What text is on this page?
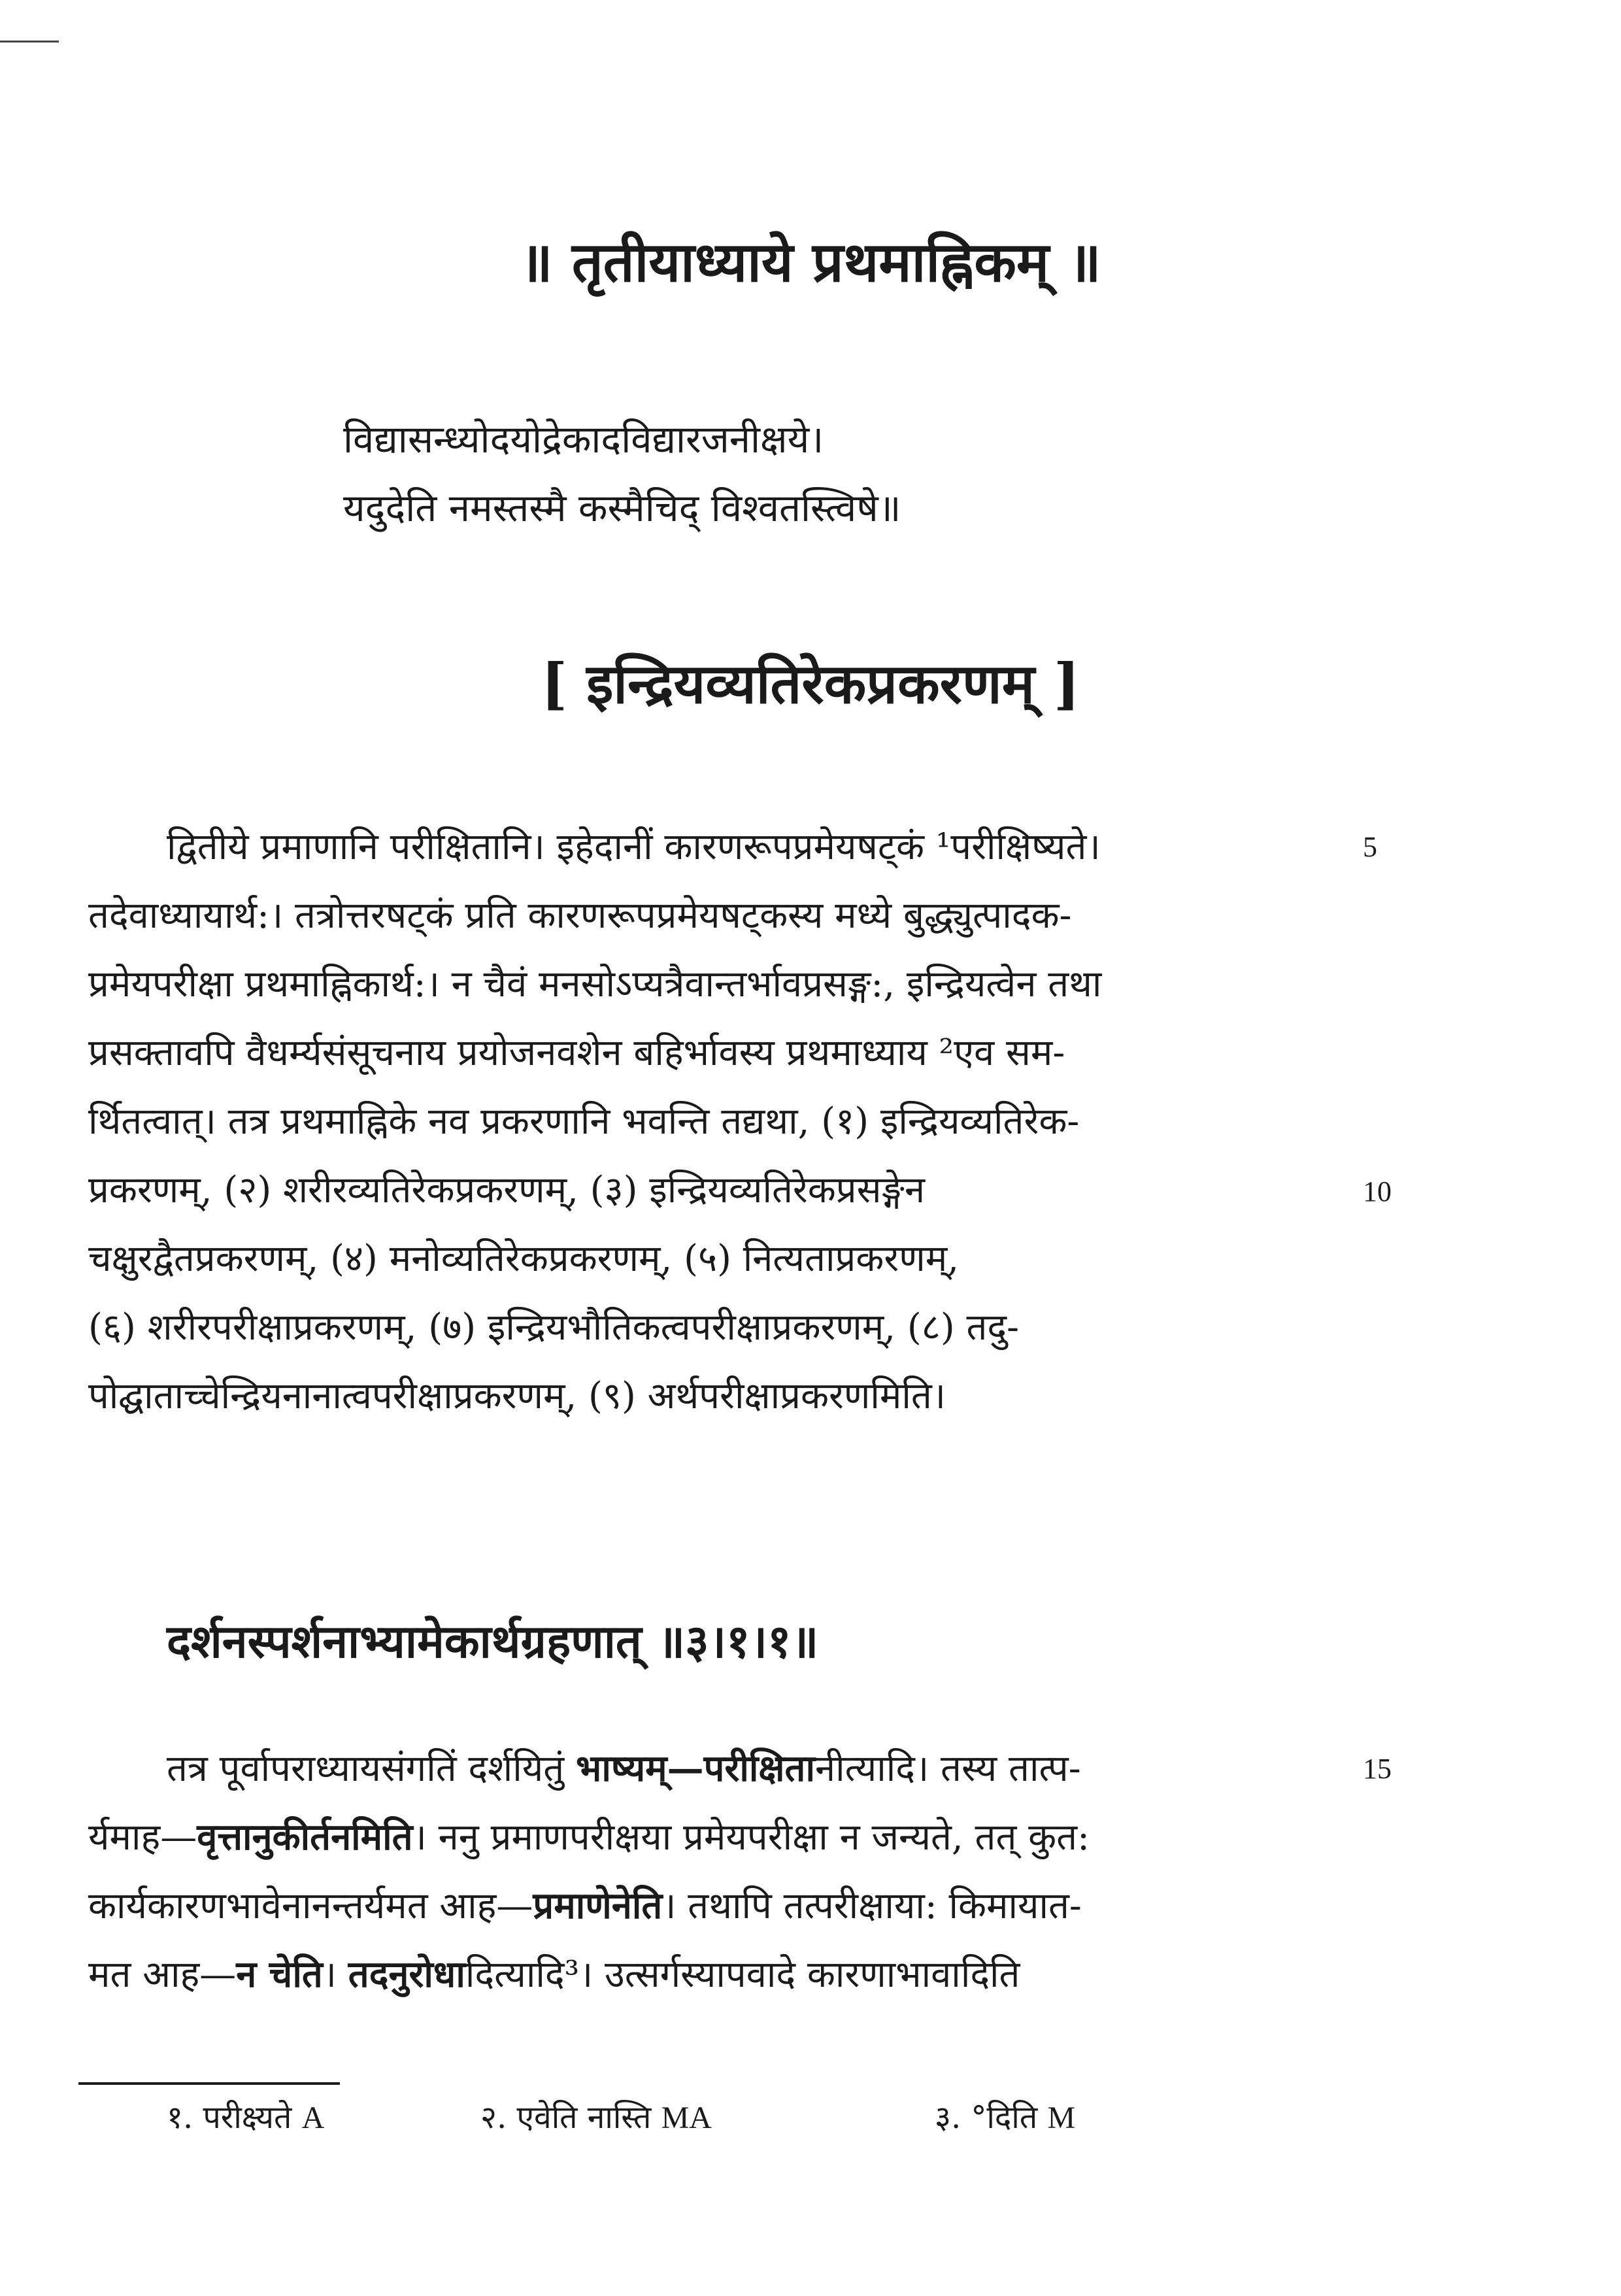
॥ तृतीयाध्याये प्रथमाह्निकम् ॥
विद्यासन्ध्योदयोद्रेकादविद्यारजनीक्षये।
यदुदेति नमस्तस्मै कस्मैचिद् विश्वतस्त्विषे॥
[ इन्द्रियव्यतिरेकप्रकरणम् ]
द्वितीये प्रमाणानि परीक्षितानि। इहेदानीं कारणरूपप्रमेयषट्कं ¹परीक्षिष्यते।	5
तदेवाध्यायार्थ:। तत्रोत्तरषट्कं प्रति कारणरूपप्रमेयषट्कस्य मध्ये बुद्ध्युत्पादक-
प्रमेयपरीक्षा प्रथमाह्निकार्थ:। न चैवं मनसोऽप्यत्रैवान्तर्भावप्रसङ्ग:, इन्द्रियत्वेन तथा
प्रसक्तावपि वैधर्म्यसंसूचनाय प्रयोजनवशेन बहिर्भावस्य प्रथमाध्याय ²एव सम-
र्थितत्वात्। तत्र प्रथमाह्निके नव प्रकरणानि भवन्ति तद्यथा, (१) इन्द्रियव्यतिरेक-
प्रकरणम्, (२) शरीरव्यतिरेकप्रकरणम्, (३) इन्द्रियव्यतिरेकप्रसङ्गेन	10
चक्षुरद्वैतप्रकरणम्, (४) मनोव्यतिरेकप्रकरणम्, (५) नित्यताप्रकरणम्,
(६) शरीरपरीक्षाप्रकरणम्, (७) इन्द्रियभौतिकत्वपरीक्षाप्रकरणम्, (८) तदु-
पोद्घाताच्चेन्द्रियनानात्वपरीक्षाप्रकरणम्, (९) अर्थपरीक्षाप्रकरणमिति।
दर्शनस्पर्शनाभ्यामेकार्थग्रहणात् ॥३।१।१॥
तत्र पूर्वापराध्यायसंगतिं दर्शयितुं भाष्यम्—परीक्षितानीत्यादि। तस्य तात्प-	15
र्यमाह—वृत्तानुकीर्तनमिति। ननु प्रमाणपरीक्षया प्रमेयपरीक्षा न जन्यते, तत् कुत:
कार्यकारणभावेनानन्तर्यमत आह—प्रमाणेनेति। तथापि तत्परीक्षाया: किमायात-
मत आह—न चेति। तदनुरोधादित्यादि³। उत्सर्गस्यापवादे कारणाभावादिति
१. परीक्ष्यते A	२. एवेति नास्ति MA	३. °दिति M
